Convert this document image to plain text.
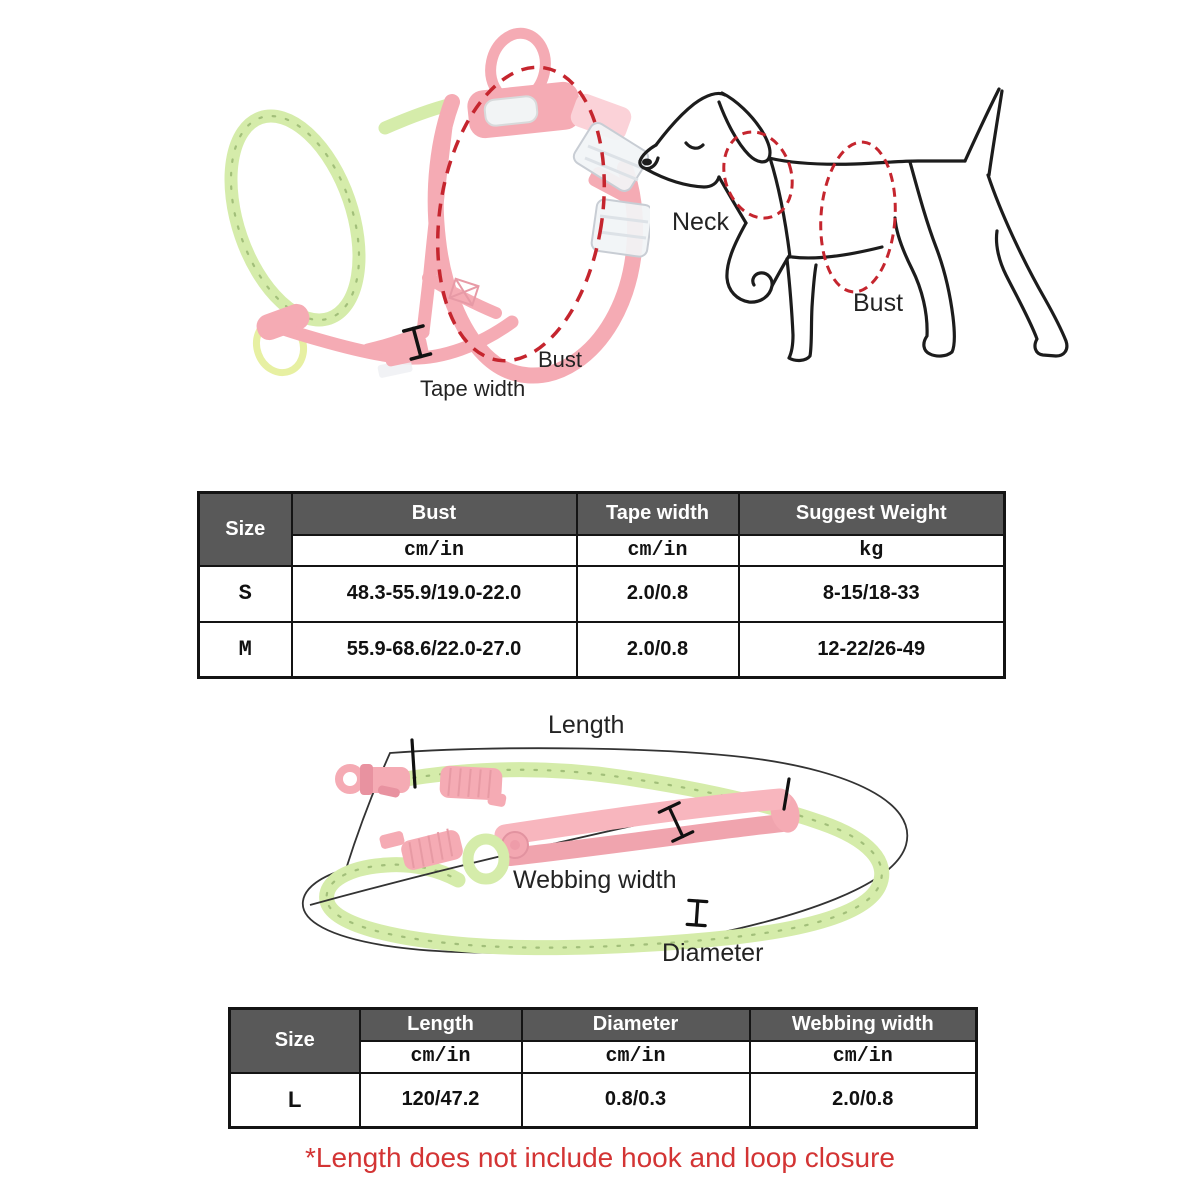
Bust
Tape width
Neck
Bust
Length
Webbing width
Diameter
Size	Bust	Tape width	Suggest Weight
	cm/in	cm/in	kg
S	48.3-55.9/19.0-22.0	2.0/0.8	8-15/18-33
M	55.9-68.6/22.0-27.0	2.0/0.8	12-22/26-49
Size	Length	Diameter	Webbing width
	cm/in	cm/in	cm/in
L	120/47.2	0.8/0.3	2.0/0.8
*Length does not include hook and loop closure
